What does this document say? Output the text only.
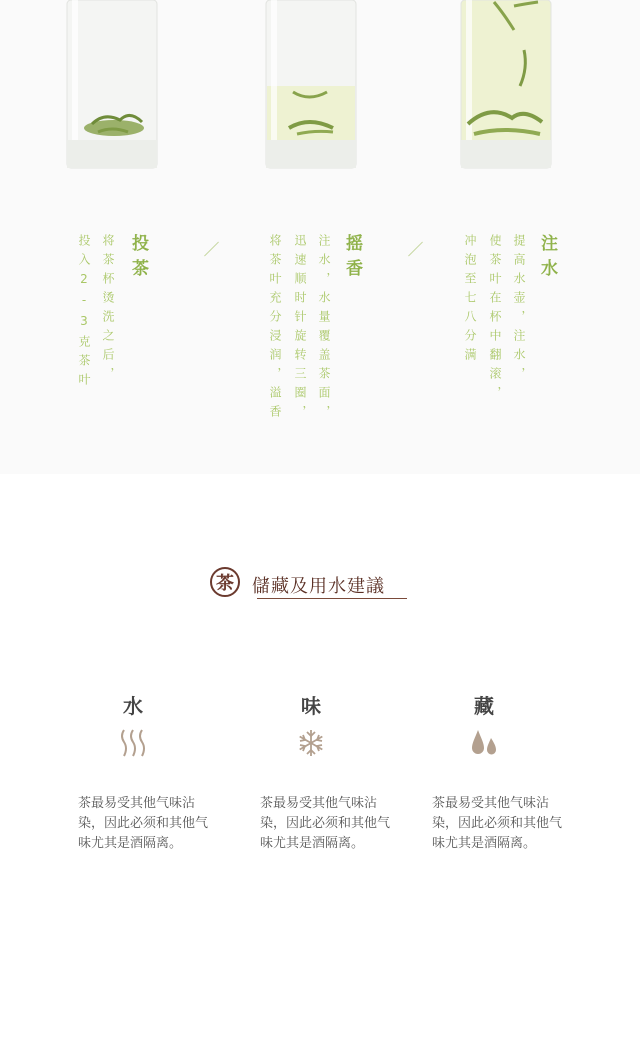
投茶
将茶杯烫洗之后，
投入2-3克茶叶	摇香
注水，水量覆盖茶面，
迅速顺时针旋转三圈，
将茶叶充分浸润，溢香	注水
提高水壶，注水，
使茶叶在杯中翻滚，
冲泡至七八分满
茶	儲藏及用水建議
水
茶最易受其他气味沾染，因此必须和其他气味尤其是酒隔离。
味
茶最易受其他气味沾染，因此必须和其他气味尤其是酒隔离。
藏
茶最易受其他气味沾染，因此必须和其他气味尤其是酒隔离。
